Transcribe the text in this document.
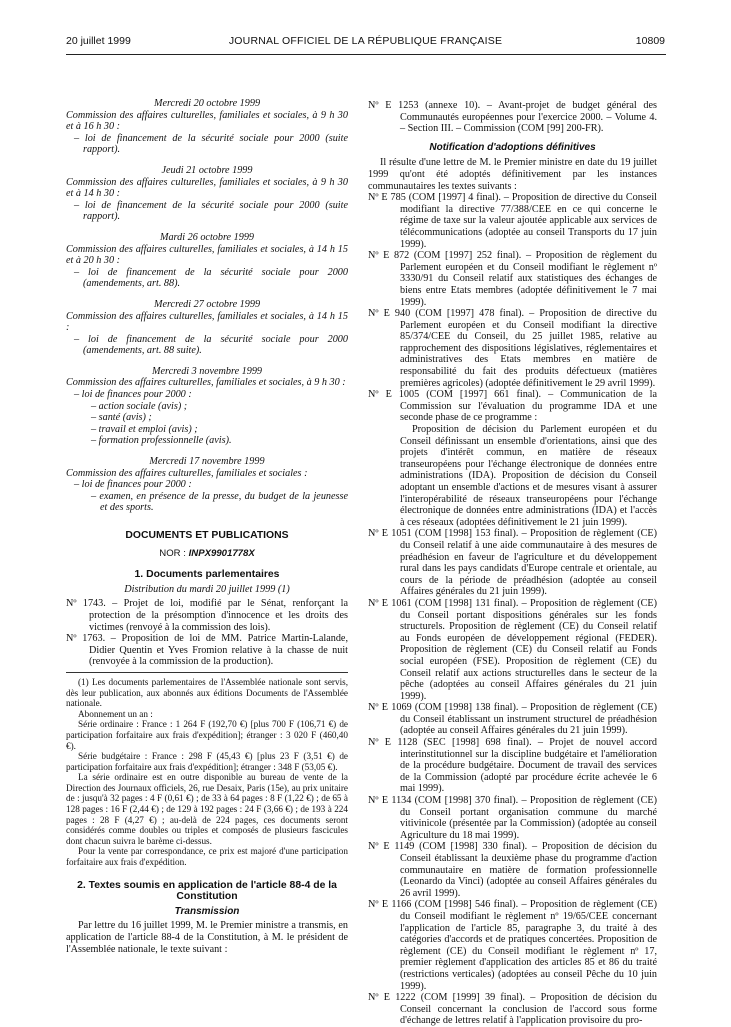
20 juillet 1999	JOURNAL OFFICIEL DE LA RÉPUBLIQUE FRANÇAISE	10809

Mercredi 20 octobre 1999

Commission des affaires culturelles, familiales et sociales, à 9 h 30 et à 16 h 30 :

– loi de financement de la sécurité sociale pour 2000 (suite rapport).

Jeudi 21 octobre 1999

Commission des affaires culturelles, familiales et sociales, à 9 h 30 et à 14 h 30 :

– loi de financement de la sécurité sociale pour 2000 (suite rapport).

Mardi 26 octobre 1999

Commission des affaires culturelles, familiales et sociales, à 14 h 15 et à 20 h 30 :

– loi de financement de la sécurité sociale pour 2000 (amendements, art. 88).

Mercredi 27 octobre 1999

Commission des affaires culturelles, familiales et sociales, à 14 h 15 :

– loi de financement de la sécurité sociale pour 2000 (amendements, art. 88 suite).

Mercredi 3 novembre 1999

Commission des affaires culturelles, familiales et sociales, à 9 h 30 :

– loi de finances pour 2000 :

– action sociale (avis) ;

– santé (avis) ;

– travail et emploi (avis) ;

– formation professionnelle (avis).

Mercredi 17 novembre 1999

Commission des affaires culturelles, familiales et sociales :

– loi de finances pour 2000 :

– examen, en présence de la presse, du budget de la jeunesse et des sports.

DOCUMENTS ET PUBLICATIONS

NOR : INPX9901778X

1. Documents parlementaires

Distribution du mardi 20 juillet 1999 (1)

Nº 1743. – Projet de loi, modifié par le Sénat, renforçant la protection de la présomption d'innocence et les droits des victimes (renvoyé à la commission des lois).

Nº 1763. – Proposition de loi de MM. Patrice Martin-Lalande, Didier Quentin et Yves Fromion relative à la chasse de nuit (renvoyée à la commission de la production).

(1) Les documents parlementaires de l'Assemblée nationale sont servis, dès leur publication, aux abonnés aux éditions Documents de l'Assemblée nationale.

Abonnement un an :

Série ordinaire : France : 1 264 F (192,70 €) [plus 700 F (106,71 €) de participation forfaitaire aux frais d'expédition]; étranger : 3 020 F (460,40 €).

Série budgétaire : France : 298 F (45,43 €) [plus 23 F (3,51 €) de participation forfaitaire aux frais d'expédition]; étranger : 348 F (53,05 €).

La série ordinaire est en outre disponible au bureau de vente de la Direction des Journaux officiels, 26, rue Desaix, Paris (15e), au prix unitaire de : jusqu'à 32 pages : 4 F (0,61 €) ; de 33 à 64 pages : 8 F (1,22 €) ; de 65 à 128 pages : 16 F (2,44 €) ; de 129 à 192 pages : 24 F (3,66 €) ; de 193 à 224 pages : 28 F (4,27 €) ; au-delà de 224 pages, ces documents seront considérés comme doubles ou triples et composés de plusieurs fascicules dont chacun suivra le barème ci-dessus.

Pour la vente par correspondance, ce prix est majoré d'une participation forfaitaire aux frais d'expédition.

2. Textes soumis en application de l'article 88-4 de la Constitution

Transmission

Par lettre du 16 juillet 1999, M. le Premier ministre a transmis, en application de l'article 88-4 de la Constitution, à M. le président de l'Assemblée nationale, le texte suivant :

Nº E 1253 (annexe 10). – Avant-projet de budget général des Communautés européennes pour l'exercice 2000. – Volume 4. – Section III. – Commission (COM [99] 200-FR).

Notification d'adoptions définitives

Il résulte d'une lettre de M. le Premier ministre en date du 19 juillet 1999 qu'ont été adoptés définitivement par les instances communautaires les textes suivants :

Nº E 785 (COM [1997] 4 final). – Proposition de directive du Conseil modifiant la directive 77/388/CEE en ce qui concerne le régime de taxe sur la valeur ajoutée applicable aux services de télécommunications (adoptée au conseil Transports du 17 juin 1999).

Nº E 872 (COM [1997] 252 final). – Proposition de règlement du Parlement européen et du Conseil modifiant le règlement nº 3330/91 du Conseil relatif aux statistiques des échanges de biens entre Etats membres (adoptée définitivement le 7 mai 1999).

Nº E 940 (COM [1997] 478 final). – Proposition de directive du Parlement européen et du Conseil modifiant la directive 85/374/CEE du Conseil, du 25 juillet 1985, relative au rapprochement des dispositions législatives, réglementaires et administratives des Etats membres en matière de responsabilité du fait des produits défectueux (matières premières agricoles) (adoptée définitivement le 29 avril 1999).

Nº E 1005 (COM [1997] 661 final). – Communication de la Commission sur l'évaluation du programme IDA et une seconde phase de ce programme :

Proposition de décision du Parlement européen et du Conseil définissant un ensemble d'orientations, ainsi que des projets d'intérêt commun, en matière de réseaux transeuropéens pour l'échange électronique de données entre administrations (IDA). Proposition de décision du Conseil adoptant un ensemble d'actions et de mesures visant à assurer l'interopérabilité de réseaux transeuropéens pour l'échange électronique de données entre administrations (IDA) et l'accès à ces réseaux (adoptées définitivement le 21 juin 1999).

Nº E 1051 (COM [1998] 153 final). – Proposition de règlement (CE) du Conseil relatif à une aide communautaire à des mesures de préadhésion en faveur de l'agriculture et du développement rural dans les pays candidats d'Europe centrale et orientale, au cours de la période de préadhésion (adoptée au conseil Affaires générales du 21 juin 1999).

Nº E 1061 (COM [1998] 131 final). – Proposition de règlement (CE) du Conseil portant dispositions générales sur les fonds structurels. Proposition de règlement (CE) du Conseil relatif au Fonds européen de développement régional (FEDER). Proposition de règlement (CE) du Conseil relatif au Fonds social européen (FSE). Proposition de règlement (CE) du Conseil relatif aux actions structurelles dans le secteur de la pêche (adoptées au conseil Affaires générales du 21 juin 1999).

Nº E 1069 (COM [1998] 138 final). – Proposition de règlement (CE) du Conseil établissant un instrument structurel de préadhésion (adoptée au conseil Affaires générales du 21 juin 1999).

Nº E 1128 (SEC [1998] 698 final). – Projet de nouvel accord interinstitutionnel sur la discipline budgétaire et l'amélioration de la procédure budgétaire. Document de travail des services de la Commission (adopté par procédure écrite achevée le 6 mai 1999).

Nº E 1134 (COM [1998] 370 final). – Proposition de règlement (CE) du Conseil portant organisation commune du marché vitivinicole (présentée par la Commission) (adoptée au conseil Agriculture du 18 mai 1999).

Nº E 1149 (COM [1998] 330 final). – Proposition de décision du Conseil établissant la deuxième phase du programme d'action communautaire en matière de formation professionnelle (Leonardo da Vinci) (adoptée au conseil Affaires générales du 26 avril 1999).

Nº E 1166 (COM [1998] 546 final). – Proposition de règlement (CE) du Conseil modifiant le règlement nº 19/65/CEE concernant l'application de l'article 85, paragraphe 3, du traité à des catégories d'accords et de pratiques concertées. Proposition de règlement (CE) du Conseil modifiant le règlement nº 17, premier règlement d'application des articles 85 et 86 du traité (restrictions verticales) (adoptées au conseil Pêche du 10 juin 1999).

Nº E 1222 (COM [1999] 39 final). – Proposition de décision du Conseil concernant la conclusion de l'accord sous forme d'échange de lettres relatif à l'application provisoire du pro-
